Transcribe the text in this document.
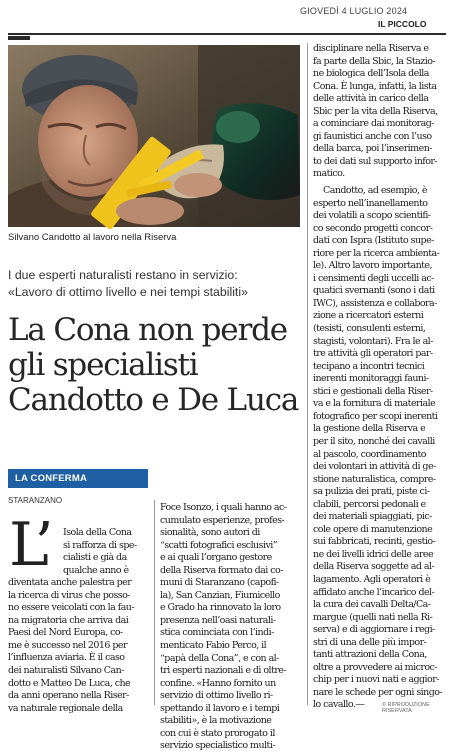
GIOVEDÌ 4 LUGLIO 2024
IL PICCOLO
Silvano Candotto al lavoro nella Riserva
I due esperti naturalisti restano in servizio:
«Lavoro di ottimo livello e nei tempi stabiliti»
La Cona non perde
gli specialisti
Candotto e De Luca
LA CONFERMA
STARANZANO
L’ Isola della Cona
si rafforza di spe-
cialisti e già da
qualche anno è
diventata anche palestra per
la ricerca di virus che posso-
no essere veicolati con la fau-
na migratoria che arriva dai
Paesi del Nord Europa, co-
me è successo nel 2016 per
l’influenza aviaria. È il caso
dei naturalisti Silvano Can-
dotto e Matteo De Luca, che
da anni operano nella Riser-
va naturale regionale della
Foce Isonzo, i quali hanno ac-
cumulato esperienze, profes-
sionalità, sono autori di
“scatti fotografici esclusivi”
e ai quali l’organo gestore
della Riserva formato dai co-
muni di Staranzano (capofi-
la), San Canzian, Fiumicello
e Grado ha rinnovato la loro
presenza nell’oasi naturali-
stica cominciata con l’indi-
menticato Fabio Perco, il
“papà della Cona”, e con al-
tri esperti nazionali e di oltre-
confine. «Hanno fornito un
servizio di ottimo livello ri-
spettando il lavoro e i tempi
stabiliti», è la motivazione
con cui è stato prorogato il
servizio specialistico multi-
disciplinare nella Riserva e
fa parte della Sbic, la Stazio-
ne biologica dell’Isola della
Cona. È lunga, infatti, la lista
delle attività in carico della
Sbic per la vita della Riserva,
a cominciare dai monitorag-
gi faunistici anche con l’uso
della barca, poi l’inserimen-
to dei dati sul supporto infor-
matico.
Candotto, ad esempio, è
esperto nell’inanellamento
dei volatili a scopo scientifi-
co secondo progetti concor-
dati con Ispra (Istituto supe-
riore per la ricerca ambienta-
le). Altro lavoro importante,
i censimenti degli uccelli ac-
quatici svernanti (sono i dati
IWC), assistenza e collabora-
zione a ricercatori esterni
(tesisti, consulenti esterni,
stagisti, volontari). Fra le al-
tre attività gli operatori par-
tecipano a incontri tecnici
inerenti monitoraggi fauni-
stici e gestionali della Riser-
va e la fornitura di materiale
fotografico per scopi inerenti
la gestione della Riserva e
per il sito, nonché dei cavalli
al pascolo, coordinamento
dei volontari in attività di ge-
stione naturalistica, compre-
sa pulizia dei prati, piste ci-
clabili, percorsi pedonali e
dei materiali spiaggiati, pic-
cole opere di manutenzione
sui fabbricati, recinti, gestio-
ne dei livelli idrici delle aree
della Riserva soggette ad al-
lagamento. Agli operatori è
affidato anche l’incarico del-
la cura dei cavalli Delta/Ca-
margue (quelli nati nella Ri-
serva) e di aggiornare i regi-
stri di una delle più impor-
tanti attrazioni della Cona,
oltre a provvedere ai microc-
chip per i nuovi nati e aggior-
nare le schede per ogni singo-
lo cavallo.—	© RIPRODUZIONE RISERVATA
